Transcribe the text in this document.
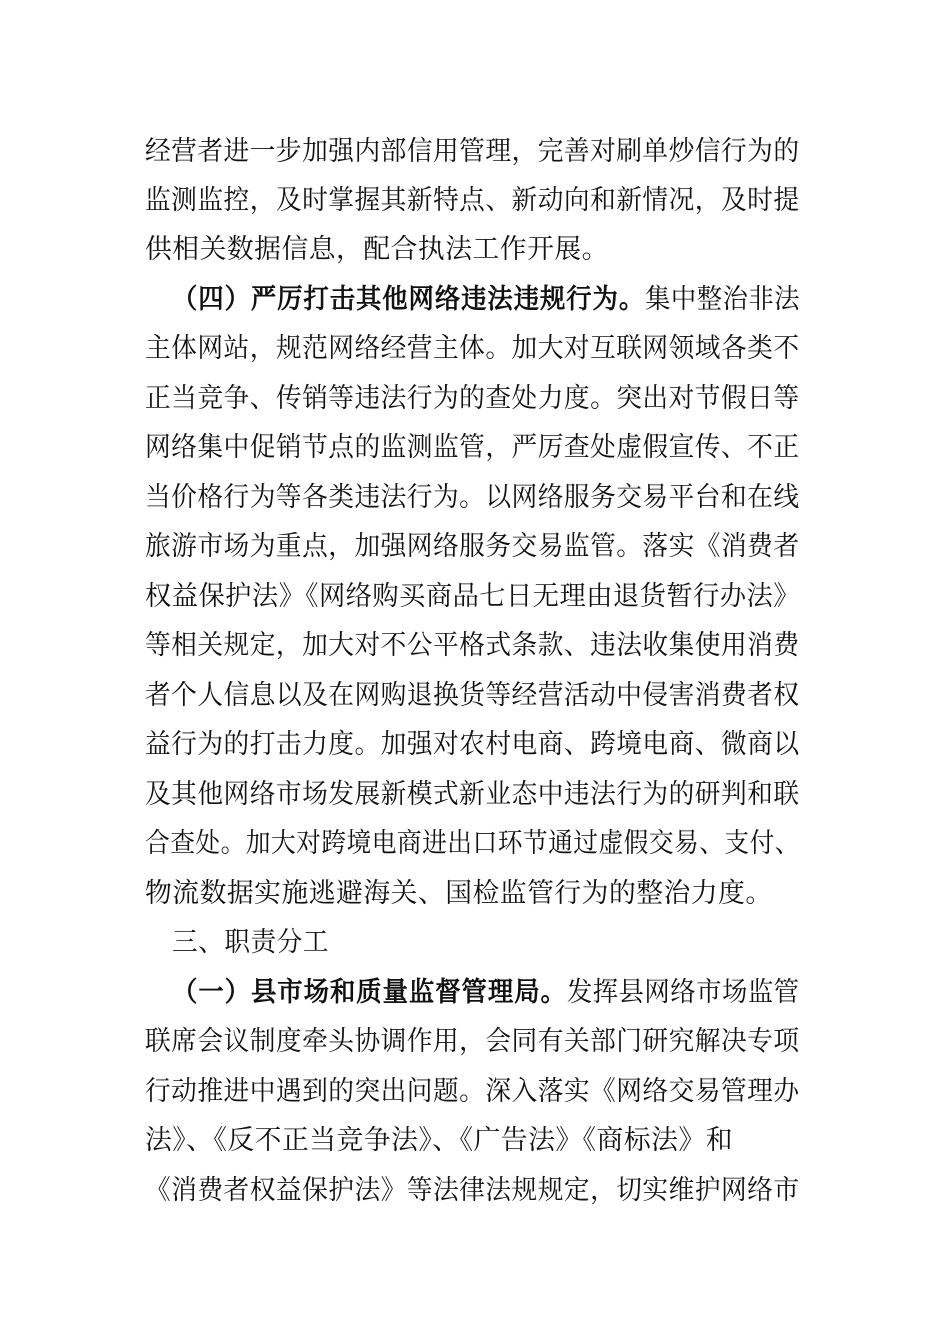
经营者进一步加强内部信用管理，完善对刷单炒信行为的
监测监控，及时掌握其新特点、新动向和新情况，及时提
供相关数据信息，配合执法工作开展。
（四）严厉打击其他网络违法违规行为。集中整治非法
主体网站，规范网络经营主体。加大对互联网领域各类不
正当竞争、传销等违法行为的查处力度。突出对节假日等
网络集中促销节点的监测监管，严厉查处虚假宣传、不正
当价格行为等各类违法行为。以网络服务交易平台和在线
旅游市场为重点，加强网络服务交易监管。落实《消费者
权益保护法》《网络购买商品七日无理由退货暂行办法》
等相关规定，加大对不公平格式条款、违法收集使用消费
者个人信息以及在网购退换货等经营活动中侵害消费者权
益行为的打击力度。加强对农村电商、跨境电商、微商以
及其他网络市场发展新模式新业态中违法行为的研判和联
合查处。加大对跨境电商进出口环节通过虚假交易、支付、
物流数据实施逃避海关、国检监管行为的整治力度。
三、职责分工
（一）县市场和质量监督管理局。发挥县网络市场监管
联席会议制度牵头协调作用，会同有关部门研究解决专项
行动推进中遇到的突出问题。深入落实《网络交易管理办
法》、《反不正当竞争法》、《广告法》《商标法》和
《消费者权益保护法》等法律法规规定，切实维护网络市
